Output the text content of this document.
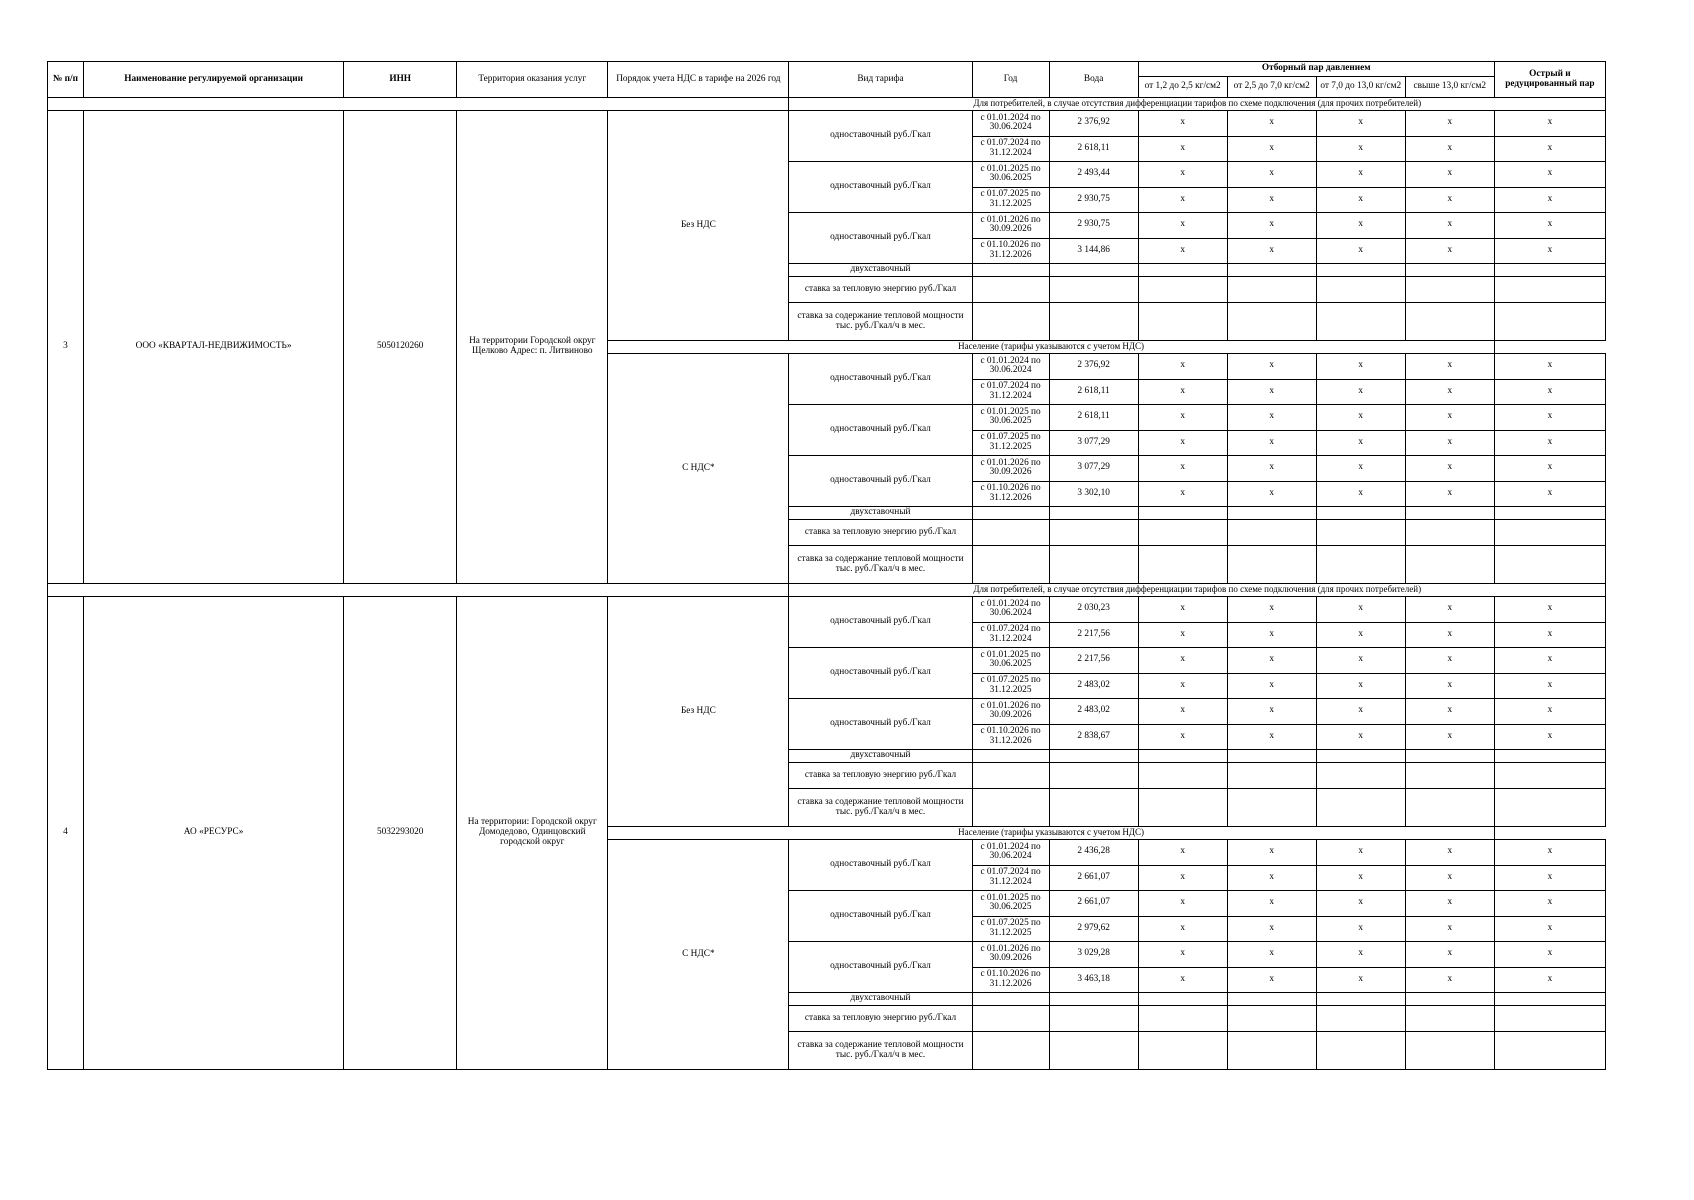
№ п/п	Наименование регулируемой организации	ИНН	Территория оказания услуг	Порядок учета НДС в тарифе на 2026 год	Вид тарифа	Год	Вода	Отборный пар давлением				Острый и редуцированный пар
								от 1,2 до 2,5 кг/см2	от 2,5 до 7,0 кг/см2	от 7,0 до 13,0 кг/см2	свыше 13,0 кг/см2	
					Для потребителей, в случае отсутствия дифференциации тарифов по схеме подключения (для прочих потребителей)							
3	ООО «КВАРТАЛ-НЕДВИЖИМОСТЬ»	5050120260	На территории Городской округ Щелково Адрес: п. Литвиново	Без НДС	одноставочный руб./Гкал	с 01.01.2024 по 30.06.2024	2 376,92	x	x	x	x	x
						с 01.07.2024 по 31.12.2024	2 618,11	x	x	x	x	x
					одноставочный руб./Гкал	с 01.01.2025 по 30.06.2025	2 493,44	x	x	x	x	x
						с 01.07.2025 по 31.12.2025	2 930,75	x	x	x	x	x
					одноставочный руб./Гкал	с 01.01.2026 по 30.09.2026	2 930,75	x	x	x	x	x
						с 01.10.2026 по 31.12.2026	3 144,86	x	x	x	x	x
					двухставочный							
					ставка за тепловую энергию руб./Гкал							
					ставка за содержание тепловой мощности тыс. руб./Гкал/ч в мес.							
				Население (тарифы указываются с учетом НДС)								
				С НДС*	одноставочный руб./Гкал	с 01.01.2024 по 30.06.2024	2 376,92	x	x	x	x	x
						с 01.07.2024 по 31.12.2024	2 618,11	x	x	x	x	x
					одноставочный руб./Гкал	с 01.01.2025 по 30.06.2025	2 618,11	x	x	x	x	x
						с 01.07.2025 по 31.12.2025	3 077,29	x	x	x	x	x
					одноставочный руб./Гкал	с 01.01.2026 по 30.09.2026	3 077,29	x	x	x	x	x
						с 01.10.2026 по 31.12.2026	3 302,10	x	x	x	x	x
					двухставочный							
					ставка за тепловую энергию руб./Гкал							
					ставка за содержание тепловой мощности тыс. руб./Гкал/ч в мес.							
					Для потребителей, в случае отсутствия дифференциации тарифов по схеме подключения (для прочих потребителей)							
4	АО «РЕСУРС»	5032293020	На территории: Городской округ Домодедово, Одинцовский городской округ	Без НДС	одноставочный руб./Гкал	с 01.01.2024 по 30.06.2024	2 030,23	x	x	x	x	x
						с 01.07.2024 по 31.12.2024	2 217,56	x	x	x	x	x
					одноставочный руб./Гкал	с 01.01.2025 по 30.06.2025	2 217,56	x	x	x	x	x
						с 01.07.2025 по 31.12.2025	2 483,02	x	x	x	x	x
					одноставочный руб./Гкал	с 01.01.2026 по 30.09.2026	2 483,02	x	x	x	x	x
						с 01.10.2026 по 31.12.2026	2 838,67	x	x	x	x	x
					двухставочный							
					ставка за тепловую энергию руб./Гкал							
					ставка за содержание тепловой мощности тыс. руб./Гкал/ч в мес.							
				Население (тарифы указываются с учетом НДС)								
				С НДС*	одноставочный руб./Гкал	с 01.01.2024 по 30.06.2024	2 436,28	x	x	x	x	x
						с 01.07.2024 по 31.12.2024	2 661,07	x	x	x	x	x
					одноставочный руб./Гкал	с 01.01.2025 по 30.06.2025	2 661,07	x	x	x	x	x
						с 01.07.2025 по 31.12.2025	2 979,62	x	x	x	x	x
					одноставочный руб./Гкал	с 01.01.2026 по 30.09.2026	3 029,28	x	x	x	x	x
						с 01.10.2026 по 31.12.2026	3 463,18	x	x	x	x	x
					двухставочный							
					ставка за тепловую энергию руб./Гкал							
					ставка за содержание тепловой мощности тыс. руб./Гкал/ч в мес.							
